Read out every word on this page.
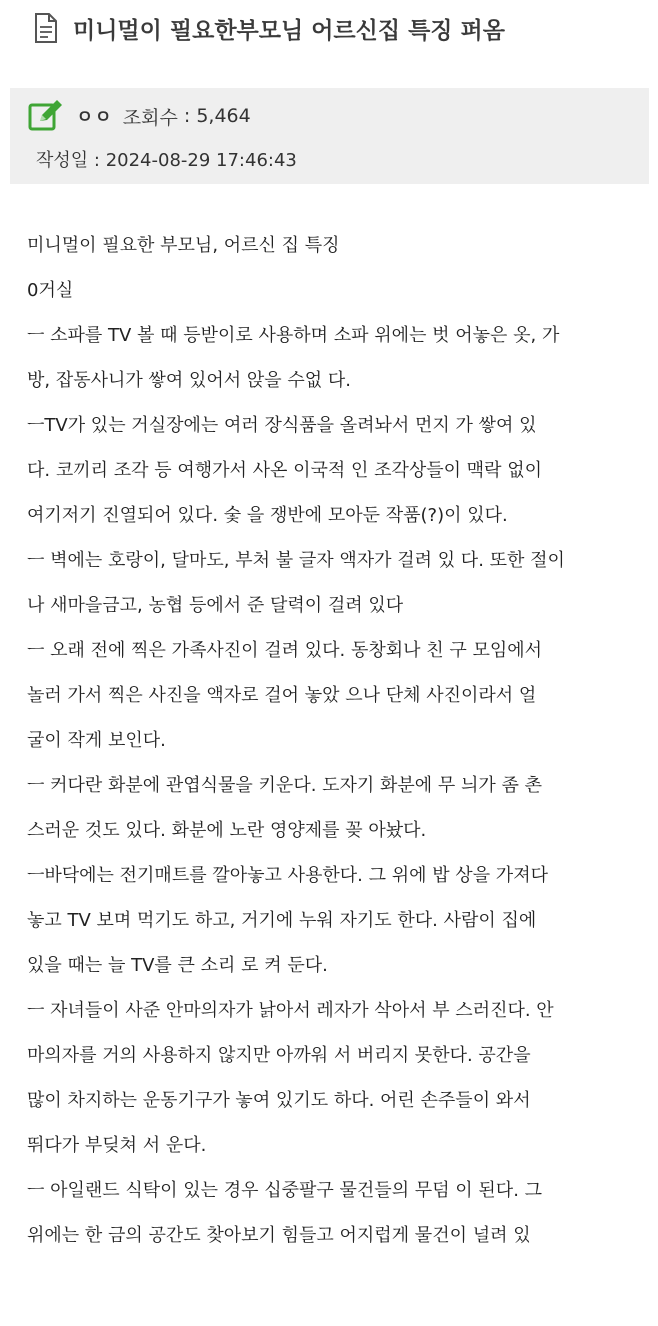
미니멀이 필요한부모님 어르신집 특징 퍼옴
ㅇㅇ 조회수 : 5,464
작성일 : 2024-08-29 17:46:43

미니멀이 필요한 부모님, 어르신 집 특징

0거실

ㅡ 소파를 TV 볼 때 등받이로 사용하며 소파 위에는 벗 어놓은 옷, 가

방, 잡동사니가 쌓여 있어서 앉을 수없 다.

ㅡTV가 있는 거실장에는 여러 장식품을 올려놔서 먼지 가 쌓여 있

다. 코끼리 조각 등 여행가서 사온 이국적 인 조각상들이 맥락 없이

여기저기 진열되어 있다. 숯 을 쟁반에 모아둔 작품(?)이 있다.

ㅡ 벽에는 호랑이, 달마도, 부처 불 글자 액자가 걸려 있 다. 또한 절이

나 새마을금고, 농협 등에서 준 달력이 걸려 있다

ㅡ 오래 전에 찍은 가족사진이 걸려 있다. 동창회나 친 구 모임에서

놀러 가서 찍은 사진을 액자로 걸어 놓았 으나 단체 사진이라서 얼

굴이 작게 보인다.

ㅡ 커다란 화분에 관엽식물을 키운다. 도자기 화분에 무 늬가 좀 촌

스러운 것도 있다. 화분에 노란 영양제를 꽂 아놨다.

ㅡ바닥에는 전기매트를 깔아놓고 사용한다. 그 위에 밥 상을 가져다

놓고 TV 보며 먹기도 하고, 거기에 누워 자기도 한다. 사람이 집에

있을 때는 늘 TV를 큰 소리 로 켜 둔다.

ㅡ 자녀들이 사준 안마의자가 낡아서 레자가 삭아서 부 스러진다. 안

마의자를 거의 사용하지 않지만 아까워 서 버리지 못한다. 공간을

많이 차지하는 운동기구가 놓여 있기도 하다. 어린 손주들이 와서

뛰다가 부딪쳐 서 운다.

ㅡ 아일랜드 식탁이 있는 경우 십중팔구 물건들의 무덤 이 된다. 그

위에는 한 금의 공간도 찾아보기 힘들고 어지럽게 물건이 널려 있
